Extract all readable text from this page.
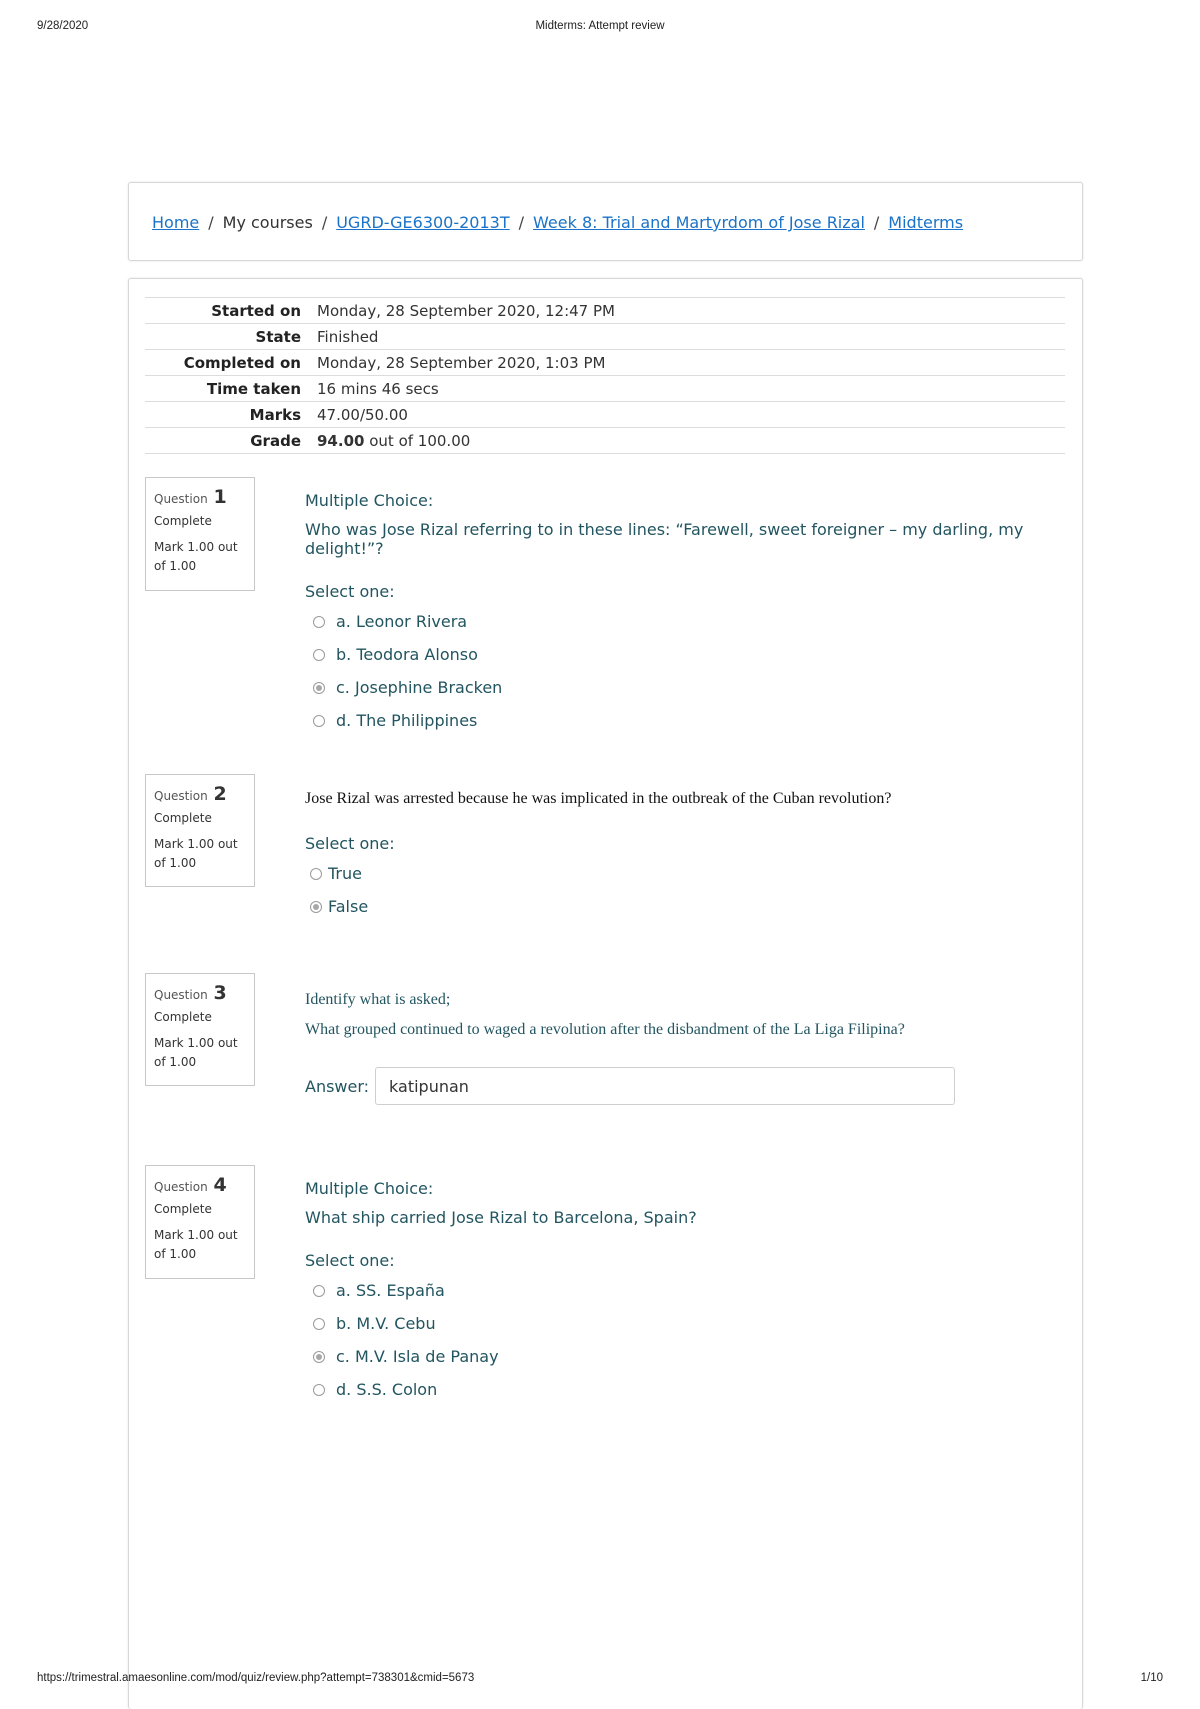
9/28/2020	Midterms: Attempt review
Home / My courses / UGRD-GE6300-2013T / Week 8: Trial and Martyrdom of Jose Rizal / Midterms
Started on	Monday, 28 September 2020, 12:47 PM
State	Finished
Completed on	Monday, 28 September 2020, 1:03 PM
Time taken	16 mins 46 secs
Marks	47.00/50.00
Grade	94.00 out of 100.00
Question 1
Complete
Mark 1.00 out of 1.00
Multiple Choice:
Who was Jose Rizal referring to in these lines: “Farewell, sweet foreigner – my darling, my delight!”?
Select one:
a. Leonor Rivera
b. Teodora Alonso
c. Josephine Bracken
d. The Philippines
Question 2
Complete
Mark 1.00 out of 1.00
Jose Rizal was arrested because he was implicated in the outbreak of the Cuban revolution?
Select one:
True
False
Question 3
Complete
Mark 1.00 out of 1.00
Identify what is asked;
What grouped continued to waged a revolution after the disbandment of the La Liga Filipina?
Answer:	katipunan
Question 4
Complete
Mark 1.00 out of 1.00
Multiple Choice:
What ship carried Jose Rizal to Barcelona, Spain?
Select one:
a. SS. España
b. M.V. Cebu
c. M.V. Isla de Panay
d. S.S. Colon
https://trimestral.amaesonline.com/mod/quiz/review.php?attempt=738301&cmid=5673	1/10
